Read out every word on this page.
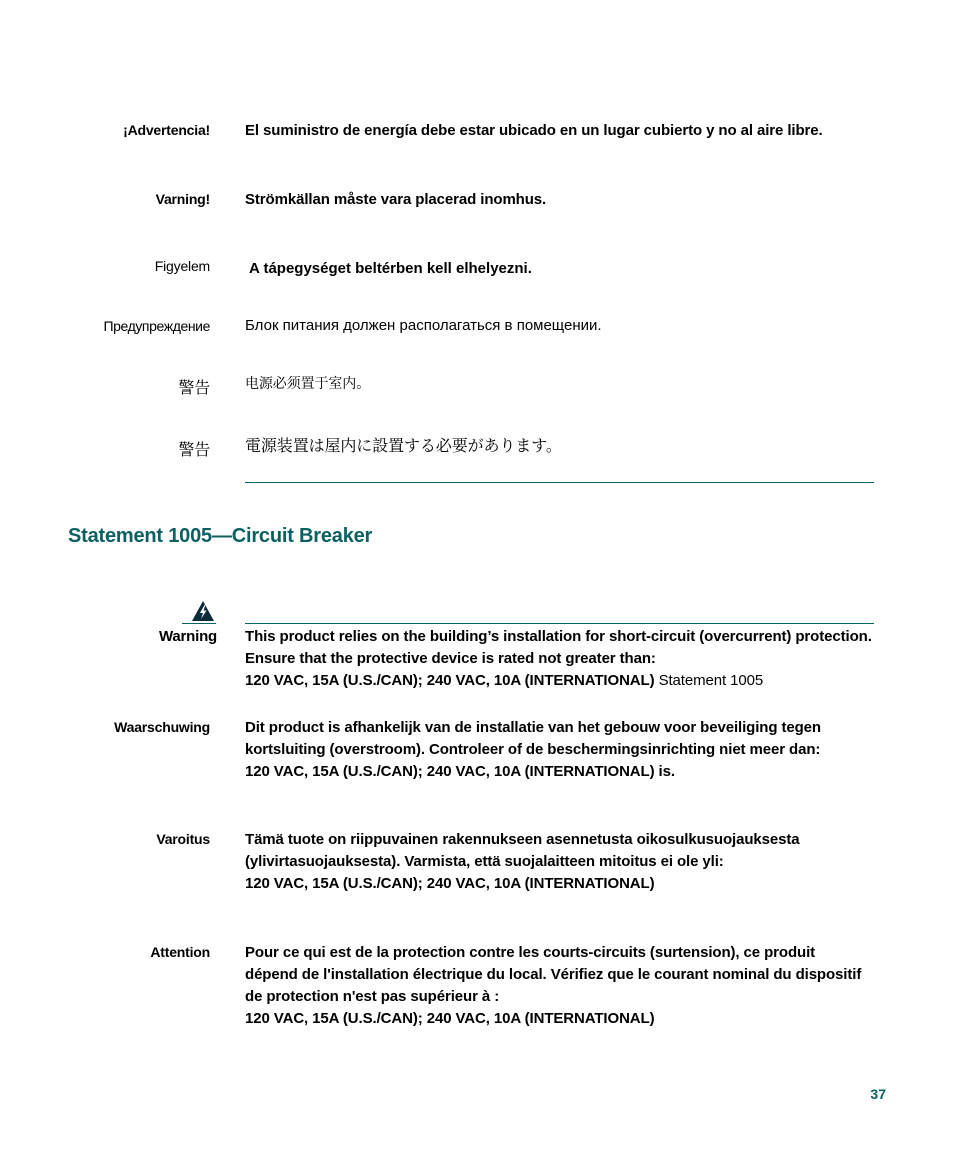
¡Advertencia! El suministro de energía debe estar ubicado en un lugar cubierto y no al aire libre.
Varning! Strömkällan måste vara placerad inomhus.
Figyelem	A tápegységet beltérben kell elhelyezni.
Предупреждение Блок питания должен располагаться в помещении.
警告	电源必须置于室内。
警告 電源装置は屋内に設置する必要があります。
Statement 1005—Circuit Breaker
Warning This product relies on the building’s installation for short-circuit (overcurrent) protection. Ensure that the protective device is rated not greater than:

120 VAC, 15A (U.S./CAN); 240 VAC, 10A (INTERNATIONAL) Statement 1005

Waarschuwing Dit product is afhankelijk van de installatie van het gebouw voor beveiliging tegen kortsluiting (overstroom). Controleer of de beschermingsinrichting niet meer dan:

120 VAC, 15A (U.S./CAN); 240 VAC, 10A (INTERNATIONAL) is.

Varoitus Tämä tuote on riippuvainen rakennukseen asennetusta oikosulkusuojauksesta (ylivirtasuojauksesta). Varmista, että suojalaitteen mitoitus ei ole yli:

120 VAC, 15A (U.S./CAN); 240 VAC, 10A (INTERNATIONAL)

Attention Pour ce qui est de la protection contre les courts-circuits (surtension), ce produit dépend de l'installation électrique du local. Vérifiez que le courant nominal du dispositif de protection n'est pas supérieur à :

120 VAC, 15A (U.S./CAN); 240 VAC, 10A (INTERNATIONAL)

37
